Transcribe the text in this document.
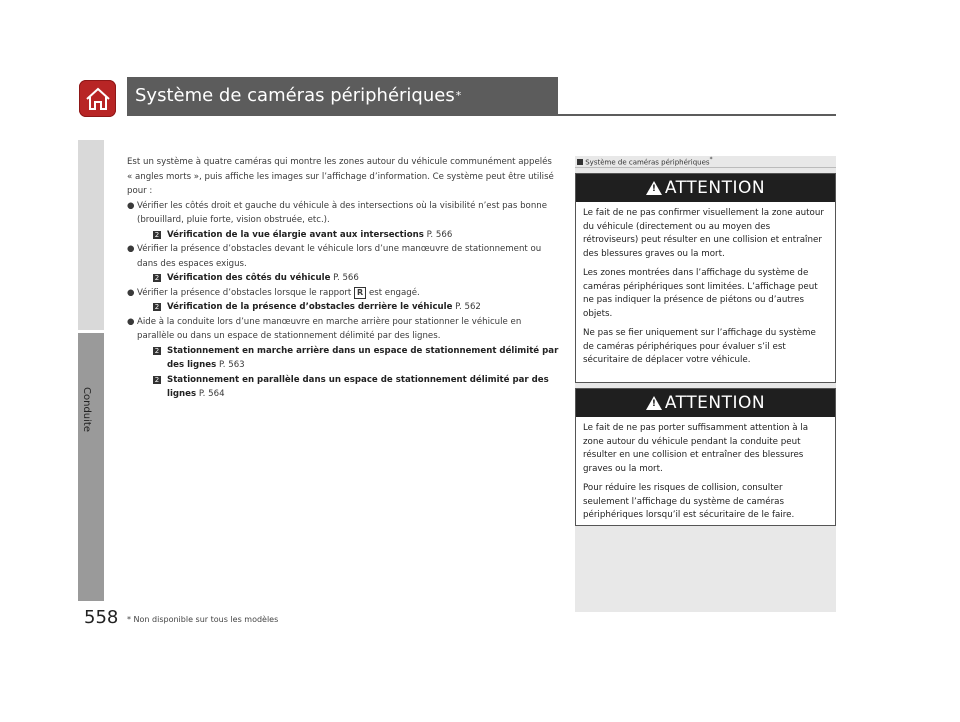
Système de caméras périphériques *
Conduite
558 * Non disponible sur tous les modèles

Est un système à quatre caméras qui montre les zones autour du véhicule communément appelés « angles morts », puis affiche les images sur l’affichage d’information. Ce système peut être utilisé pour :

● Vérifier les côtés droit et gauche du véhicule à des intersections où la visibilité n’est pas bonne (brouillard, pluie forte, vision obstruée, etc.).
2 Vérification de la vue élargie avant aux intersections P. 566
● Vérifier la présence d’obstacles devant le véhicule lors d’une manœuvre de stationnement ou dans des espaces exigus.
2 Vérification des côtés du véhicule P. 566
● Vérifier la présence d’obstacles lorsque le rapport R est engagé.
2 Vérification de la présence d’obstacles derrière le véhicule P. 562
● Aide à la conduite lors d’une manœuvre en marche arrière pour stationner le véhicule en parallèle ou dans un espace de stationnement délimité par des lignes.
2 Stationnement en marche arrière dans un espace de stationnement délimité par des lignes P. 563
2 Stationnement en parallèle dans un espace de stationnement délimité par des lignes P. 564
Système de caméras périphériques*
! ATTENTION

Le fait de ne pas confirmer visuellement la zone autour du véhicule (directement ou au moyen des rétroviseurs) peut résulter en une collision et entraîner des blessures graves ou la mort.

Les zones montrées dans l’affichage du système de caméras périphériques sont limitées. L’affichage peut ne pas indiquer la présence de piétons ou d’autres objets.

Ne pas se fier uniquement sur l’affichage du système de caméras périphériques pour évaluer s’il est sécuritaire de déplacer votre véhicule.

! ATTENTION

Le fait de ne pas porter suffisamment attention à la zone autour du véhicule pendant la conduite peut résulter en une collision et entraîner des blessures graves ou la mort.

Pour réduire les risques de collision, consulter seulement l’affichage du système de caméras périphériques lorsqu’il est sécuritaire de le faire.
